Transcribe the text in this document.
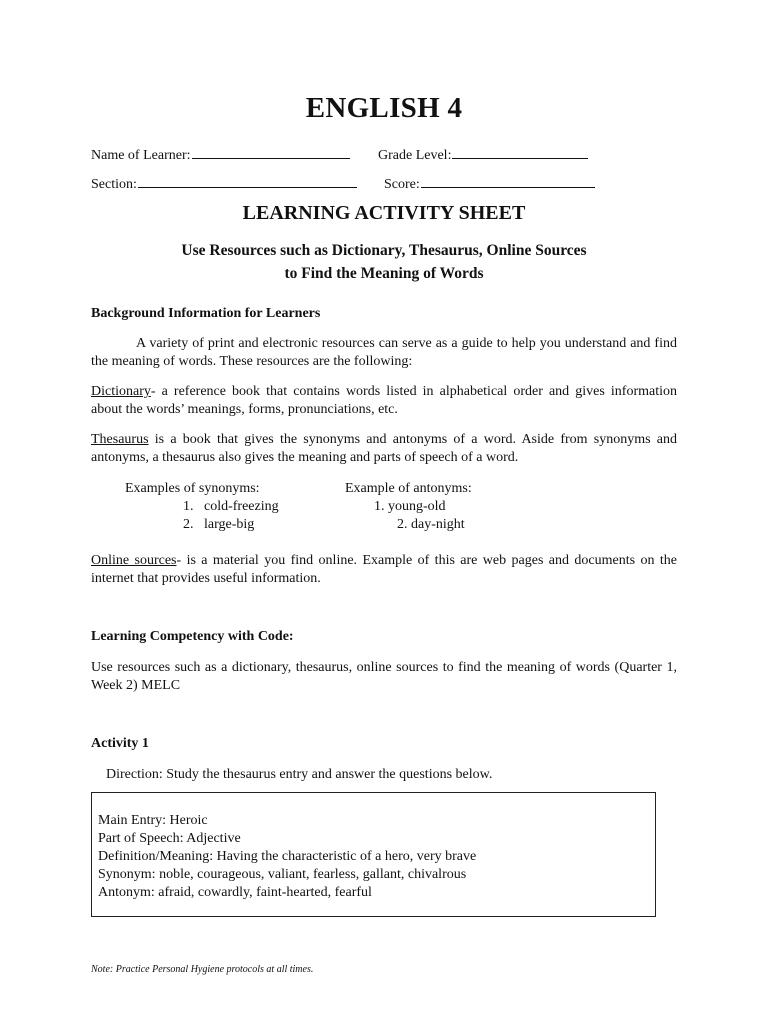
ENGLISH 4
Name of Learner:	Grade Level:
Section:	Score:
LEARNING ACTIVITY SHEET
Use Resources such as Dictionary, Thesaurus, Online Sources
to Find the Meaning of Words
Background Information for Learners

A variety of print and electronic resources can serve as a guide to help you understand and find the meaning of words. These resources are the following:

Dictionary- a reference book that contains words listed in alphabetical order and gives information about the words’ meanings, forms, pronunciations, etc.

Thesaurus is a book that gives the synonyms and antonyms of a word. Aside from synonyms and antonyms, a thesaurus also gives the meaning and parts of speech of a word.

Examples of synonyms:
1.   cold-freezing
2.   large-big
Example of antonyms:
1. young-old
2. day-night

Online sources- is a material you find online. Example of this are web pages and documents on the internet that provides useful information.

Learning Competency with Code:

Use resources such as a dictionary, thesaurus, online sources to find the meaning of words (Quarter 1, Week 2) MELC

Activity 1
Direction: Study the thesaurus entry and answer the questions below.
Main Entry: Heroic
Part of Speech: Adjective
Definition/Meaning: Having the characteristic of a hero, very brave
Synonym: noble, courageous, valiant, fearless, gallant, chivalrous
Antonym: afraid, cowardly, faint-hearted, fearful
Note: Practice Personal Hygiene protocols at all times.
